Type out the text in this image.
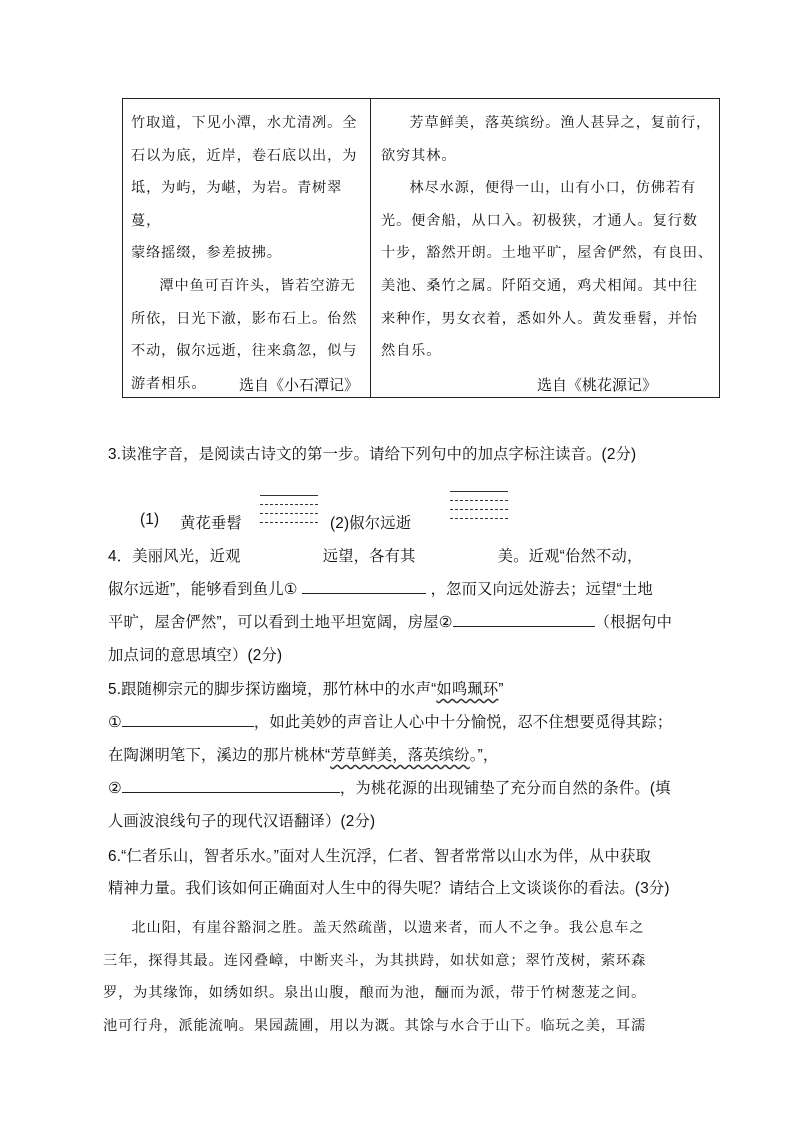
竹取道，下见小潭，水尤清冽。全

石以为底，近岸，卷石底以出，为

坻，为屿，为嵁，为岩。青树翠蔓，

蒙络摇缀，参差披拂。

潭中鱼可百许头，皆若空游无

所依，日光下澈，影布石上。佁然

不动，俶尔远逝，往来翕忽，似与

游者相乐。	选自《小石潭记》

芳草鲜美，落英缤纷。渔人甚异之，复前行，

欲穷其林。

林尽水源，便得一山，山有小口，仿佛若有

光。便舍船，从口入。初极狭，才通人。复行数

十步，豁然开朗。土地平旷，屋舍俨然，有良田、

美池、桑竹之属。阡陌交通，鸡犬相闻。其中往

来种作，男女衣着，悉如外人。黄发垂髫，并怡

然自乐。

选自《桃花源记》
3.读准字音，是阅读古诗文的第一步。请给下列句中的加点字标注读音。(2分)
(1) 黄花垂髫	(2)俶尔远逝
4．美丽风光，近观	远望，各有其	美。近观“佁然不动，
俶尔远逝”，能够看到鱼儿①	，忽而又向远处游去；远望“土地
平旷，屋舍俨然”，可以看到土地平坦宽阔，房屋②	（根据句中
加点词的意思填空）(2分)
5.跟随柳宗元的脚步探访幽境，那竹林中的水声“如鸣珮环”
①	，如此美妙的声音让人心中十分愉悦，忍不住想要觅得其踪；
在陶渊明笔下，溪边的那片桃林“芳草鲜美，落英缤纷。”，
②	，为桃花源的出现铺垫了充分而自然的条件。(填
人画波浪线句子的现代汉语翻译）(2分)
6.“仁者乐山，智者乐水。”面对人生沉浮，仁者、智者常常以山水为伴，从中获取
精神力量。我们该如何正确面对人生中的得失呢？请结合上文谈谈你的看法。(3分)

北山阳，有崖谷豁洞之胜。盖天然疏凿，以遗来者，而人不之争。我公息车之

三年，探得其最。连冈叠嶂，中断夹斗，为其拱跱，如状如意；翠竹茂树，萦环森

罗，为其缘饰，如绣如织。泉出山腹，酿而为池，酾而为派，带于竹树葱茏之间。

池可行舟，派能流响。果园蔬圃，用以为溉。其馀与水合于山下。临玩之美，耳濡
